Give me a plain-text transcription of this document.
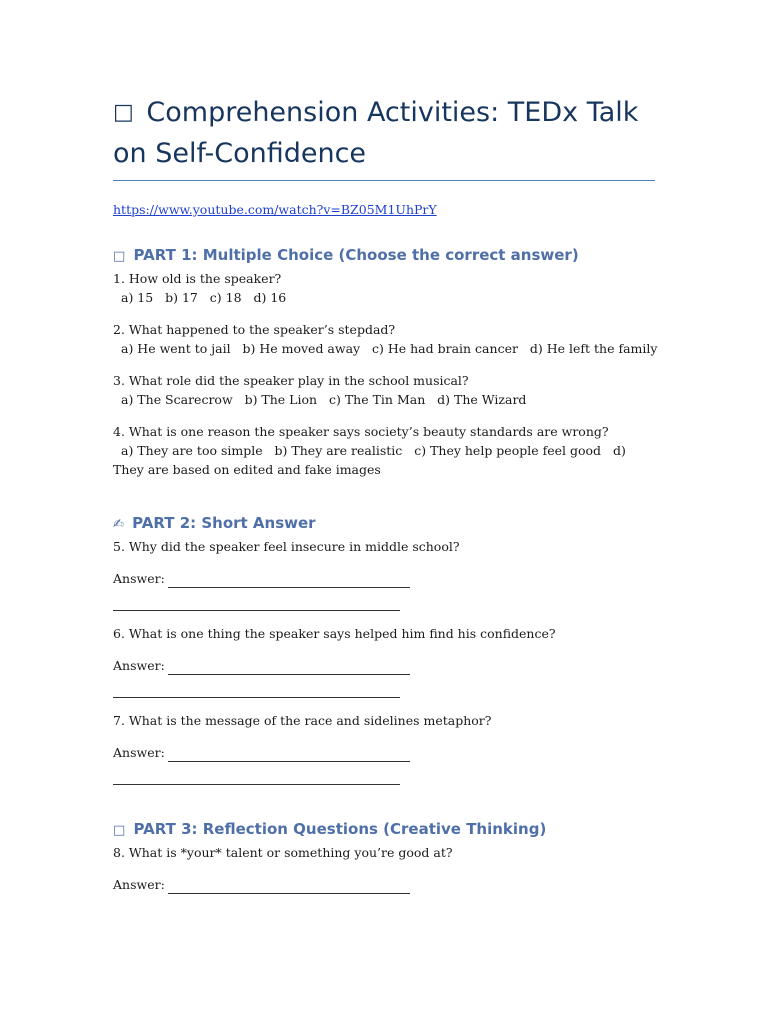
□ Comprehension Activities: TEDx Talk on Self-Confidence
https://www.youtube.com/watch?v=BZ05M1UhPrY
□ PART 1: Multiple Choice (Choose the correct answer)

1. How old is the speaker?

a) 15   b) 17   c) 18   d) 16

2. What happened to the speaker’s stepdad?

a) He went to jail   b) He moved away   c) He had brain cancer   d) He left the family

3. What role did the speaker play in the school musical?

a) The Scarecrow   b) The Lion   c) The Tin Man   d) The Wizard

4. What is one reason the speaker says society’s beauty standards are wrong?

a) They are too simple   b) They are realistic   c) They help people feel good   d) They are based on edited and fake images

✍ PART 2: Short Answer

5. Why did the speaker feel insecure in middle school?

Answer:

6. What is one thing the speaker says helped him find his confidence?

Answer:

7. What is the message of the race and sidelines metaphor?

Answer:

□ PART 3: Reflection Questions (Creative Thinking)

8. What is *your* talent or something you’re good at?

Answer:
